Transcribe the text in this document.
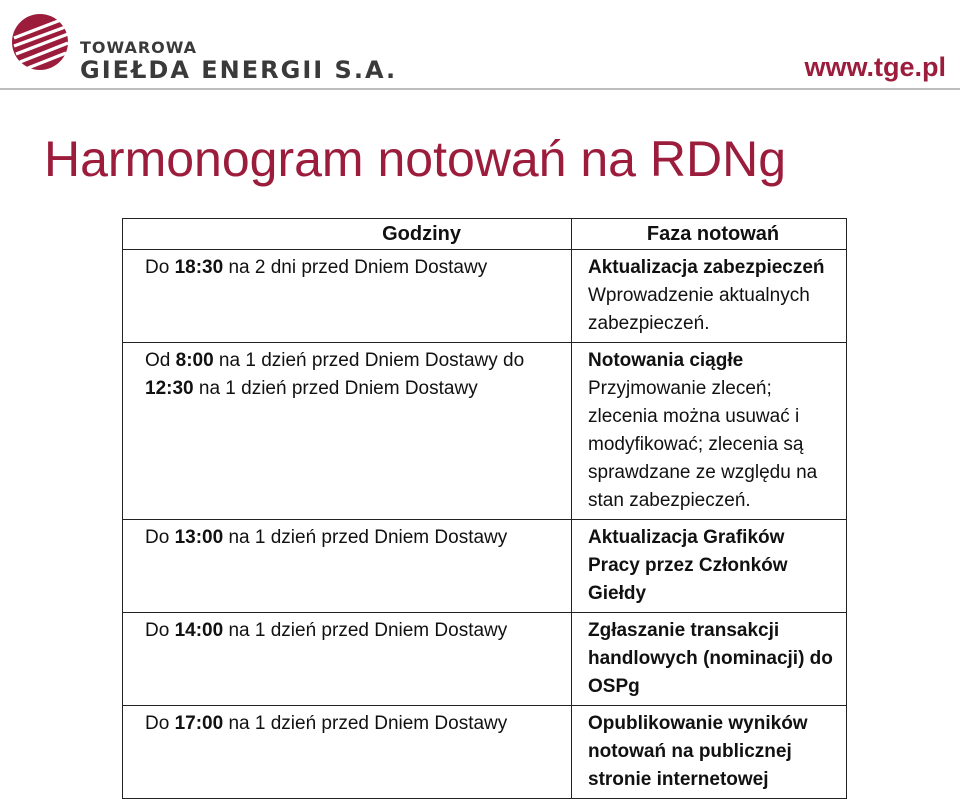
TOWAROWA
GIEŁDA ENERGII S.A.	www.tge.pl
Harmonogram notowań na RDNg
Godziny	Faza notowań

Do 18:30 na 2 dni przed Dniem Dostawy	Aktualizacja zabezpieczeń
Wprowadzenie aktualnych zabezpieczeń.

Od 8:00 na 1 dzień przed Dniem Dostawy do 12:30 na 1 dzień przed Dniem Dostawy	Notowania ciągłe
Przyjmowanie zleceń; zlecenia można usuwać i modyfikować; zlecenia są sprawdzane ze względu na stan zabezpieczeń.

Do 13:00 na 1 dzień przed Dniem Dostawy	Aktualizacja Grafików Pracy przez Członków Giełdy

Do 14:00 na 1 dzień przed Dniem Dostawy	Zgłaszanie transakcji handlowych (nominacji) do OSPg

Do 17:00 na 1 dzień przed Dniem Dostawy	Opublikowanie wyników notowań na publicznej stronie internetowej
